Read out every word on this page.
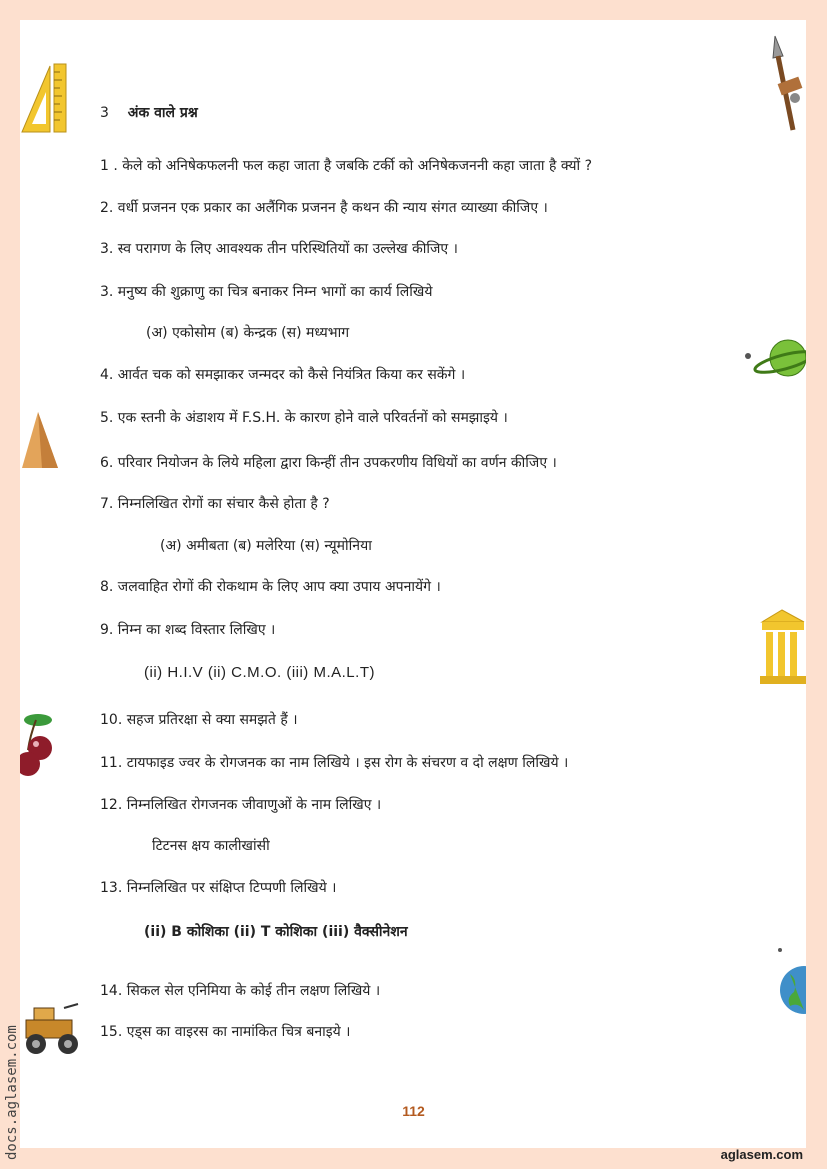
3 अंक वाले प्रश्न
1 . केले को अनिषेकफलनी फल कहा जाता है जबकि टर्की को अनिषेकजननी कहा जाता है क्यों ?
2. वर्धी प्रजनन एक प्रकार का अलैंगिक प्रजनन है कथन की न्याय संगत व्याख्या कीजिए ।
3. स्व परागण के लिए आवश्यक तीन परिस्थितियों का उल्लेख कीजिए ।
3. मनुष्य की शुक्राणु का चित्र बनाकर निम्न भागों का कार्य लिखिये
(अ) एकोसोम (ब) केन्द्रक (स) मध्यभाग
4. आर्वत चक को समझाकर जन्मदर को कैसे नियंत्रित किया कर सकेंगे ।
5. एक स्तनी के अंडाशय में F.S.H. के कारण होने वाले परिवर्तनों को समझाइये ।
6. परिवार नियोजन के लिये महिला द्वारा किन्हीं तीन उपकरणीय विधियों का वर्णन कीजिए ।
7. निम्नलिखित रोगों का संचार कैसे होता है ?
(अ) अमीबता (ब) मलेरिया (स) न्यूमोनिया
8. जलवाहित रोगों की रोकथाम के लिए आप क्या उपाय अपनायेंगे ।
9. निम्न का शब्द विस्तार लिखिए ।
(ii) H.I.V (ii) C.M.O. (iii) M.A.L.T)
10. सहज प्रतिरक्षा से क्या समझते हैं ।
11. टायफाइड ज्वर के रोगजनक का नाम लिखिये । इस रोग के संचरण व दो लक्षण लिखिये ।
12. निम्नलिखित रोगजनक जीवाणुओं के नाम लिखिए ।
टिटनस क्षय कालीखांसी
13. निम्नलिखित पर संक्षिप्त टिप्पणी लिखिये ।
(ii) B कोशिका (ii) T कोशिका (iii) वैक्सीनेशन
14. सिकल सेल एनिमिया के कोई तीन लक्षण लिखिये ।
15. एड्स का वाइरस का नामांकित चित्र बनाइये ।
112
aglasem.com
docs.aglasem.com
